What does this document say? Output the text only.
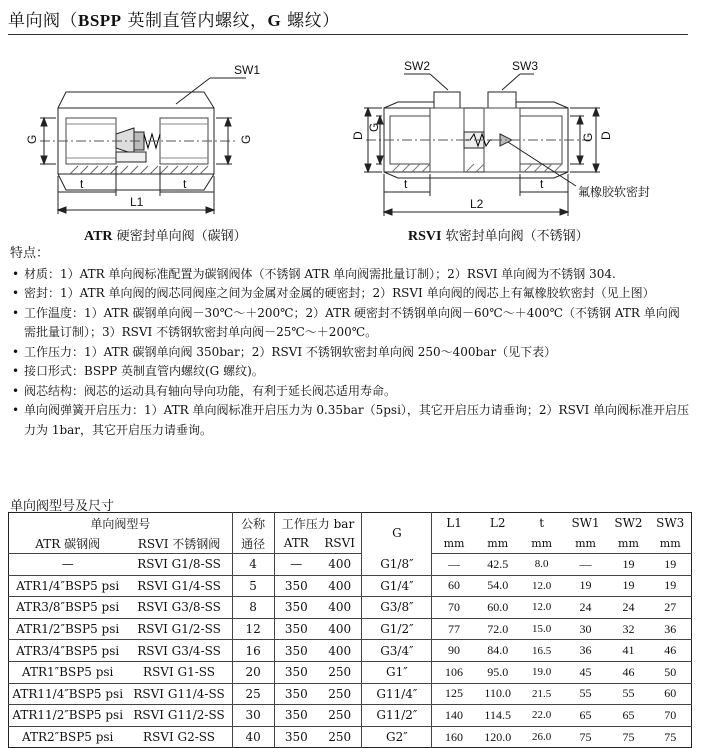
单向阀（BSPP 英制直管内螺纹，G 螺纹）
SW1
G	G
t	t
L1
SW2	SW3
D
G
G D
t	t
L2
氟橡胶软密封
ATR 硬密封单向阀（碳钢）	RSVI 软密封单向阀（不锈钢）
特点：
• 材质：1）ATR 单向阀标准配置为碳钢阀体（不锈钢 ATR 单向阀需批量订制）；2）RSVI 单向阀为不锈钢 304.
• 密封：1）ATR 单向阀的阀芯同阀座之间为金属对金属的硬密封；2）RSVI 单向阀的阀芯上有氟橡胶软密封（见上图）
• 工作温度：1）ATR 碳钢单向阀－30℃～＋200℃；2）ATR 硬密封不锈钢单向阀－60℃～＋400℃（不锈钢 ATR 单向阀需批量订制）；3）RSVI 不锈钢软密封单向阀－25℃～＋200℃。
• 工作压力：1）ATR 碳钢单向阀 350bar；2）RSVI 不锈钢软密封单向阀 250～400bar（见下表）
• 接口形式：BSPP 英制直管内螺纹(G 螺纹)。
• 阀芯结构：阀芯的运动具有轴向导向功能，有利于延长阀芯适用寿命。
• 单向阀弹簧开启压力：1）ATR 单向阀标准开启压力为 0.35bar（5psi），其它开启压力请垂询；2）RSVI 单向阀标准开启压力为 1bar，其它开启压力请垂询。
单向阀型号及尺寸
单向阀型号		公称	工作压力 bar		G	L1	L2	t	SW1	SW2	SW3
ATR 碳钢阀	RSVI 不锈钢阀	通径	ATR	RSVI		mm	mm	mm	mm	mm	mm
—	RSVI G1/8-SS	4	—	400	G1/8″	—	42.5	8.0	—	19	19
ATR1/4″BSP5 psi	RSVI G1/4-SS	5	350	400	G1/4″	60	54.0	12.0	19	19	19
ATR3/8″BSP5 psi	RSVI G3/8-SS	8	350	400	G3/8″	70	60.0	12.0	24	24	27
ATR1/2″BSP5 psi	RSVI G1/2-SS	12	350	400	G1/2″	77	72.0	15.0	30	32	36
ATR3/4″BSP5 psi	RSVI G3/4-SS	16	350	400	G3/4″	90	84.0	16.5	36	41	46
ATR1″BSP5 psi	RSVI G1-SS	20	350	250	G1″	106	95.0	19.0	45	46	50
ATR11/4″BSP5 psi	RSVI G11/4-SS	25	350	250	G11/4″	125	110.0	21.5	55	55	60
ATR11/2″BSP5 psi	RSVI G11/2-SS	30	350	250	G11/2″	140	114.5	22.0	65	65	70
ATR2″BSP5 psi	RSVI G2-SS	40	350	250	G2″	160	120.0	26.0	75	75	75
